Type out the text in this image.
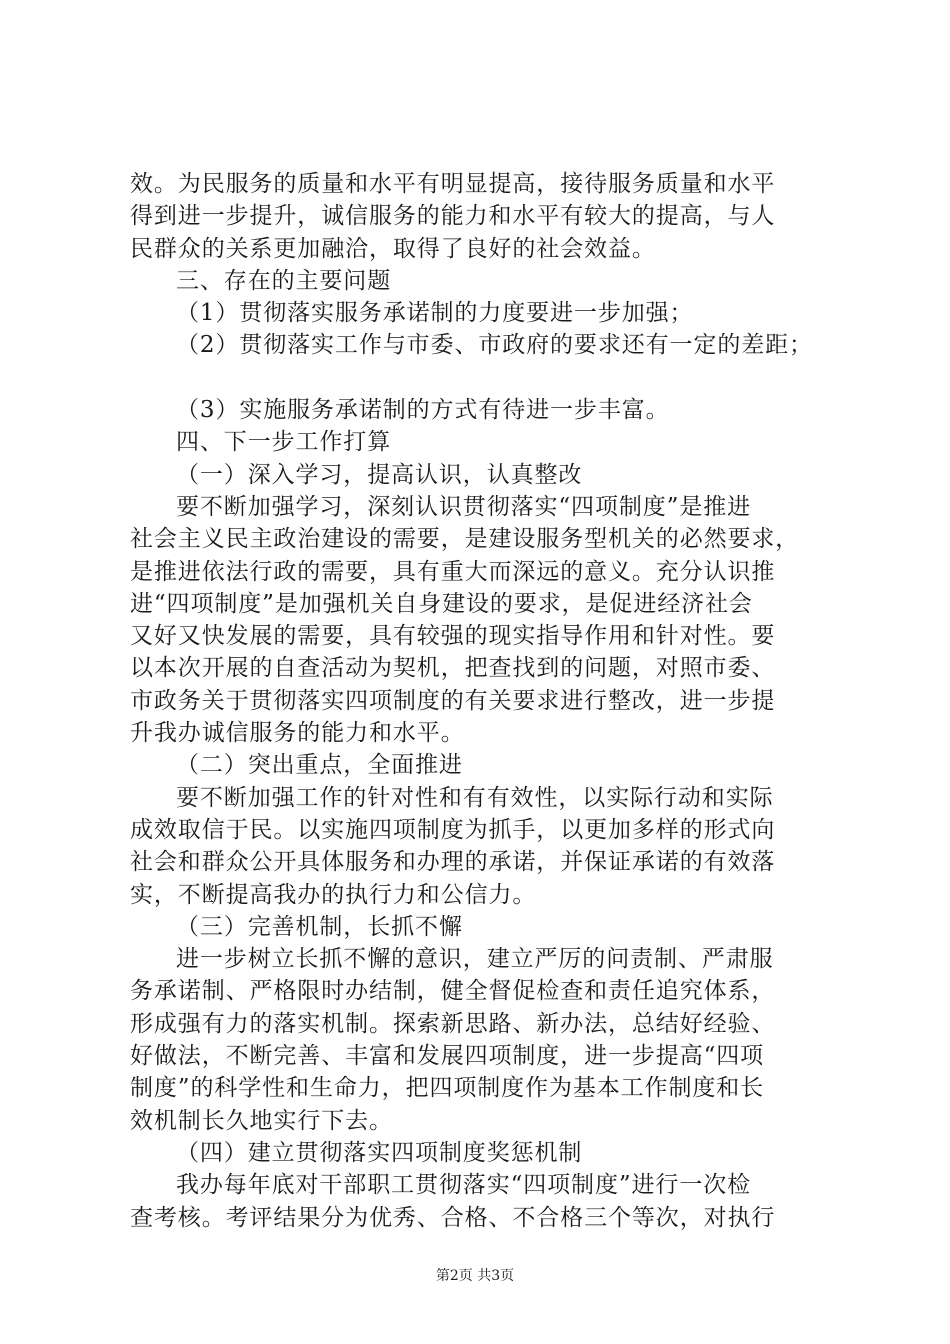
效。为民服务的质量和水平有明显提高，接待服务质量和水平
得到进一步提升，诚信服务的能力和水平有较大的提高，与人
民群众的关系更加融洽，取得了良好的社会效益。
三、存在的主要问题
（1）贯彻落实服务承诺制的力度要进一步加强；
（2）贯彻落实工作与市委、市政府的要求还有一定的差距；
（3）实施服务承诺制的方式有待进一步丰富。
四、下一步工作打算
（一）深入学习，提高认识，认真整改
要不断加强学习，深刻认识贯彻落实“四项制度”是推进
社会主义民主政治建设的需要，是建设服务型机关的必然要求，
是推进依法行政的需要，具有重大而深远的意义。充分认识推
进“四项制度”是加强机关自身建设的要求，是促进经济社会
又好又快发展的需要，具有较强的现实指导作用和针对性。要
以本次开展的自查活动为契机，把查找到的问题，对照市委、
市政务关于贯彻落实四项制度的有关要求进行整改，进一步提
升我办诚信服务的能力和水平。
（二）突出重点，全面推进
要不断加强工作的针对性和有有效性，以实际行动和实际
成效取信于民。以实施四项制度为抓手，以更加多样的形式向
社会和群众公开具体服务和办理的承诺，并保证承诺的有效落
实，不断提高我办的执行力和公信力。
（三）完善机制，长抓不懈
进一步树立长抓不懈的意识，建立严厉的问责制、严肃服
务承诺制、严格限时办结制，健全督促检查和责任追究体系，
形成强有力的落实机制。探索新思路、新办法，总结好经验、
好做法，不断完善、丰富和发展四项制度，进一步提高“四项
制度”的科学性和生命力，把四项制度作为基本工作制度和长
效机制长久地实行下去。
（四）建立贯彻落实四项制度奖惩机制
我办每年底对干部职工贯彻落实“四项制度”进行一次检
查考核。考评结果分为优秀、合格、不合格三个等次，对执行
第2页 共3页
